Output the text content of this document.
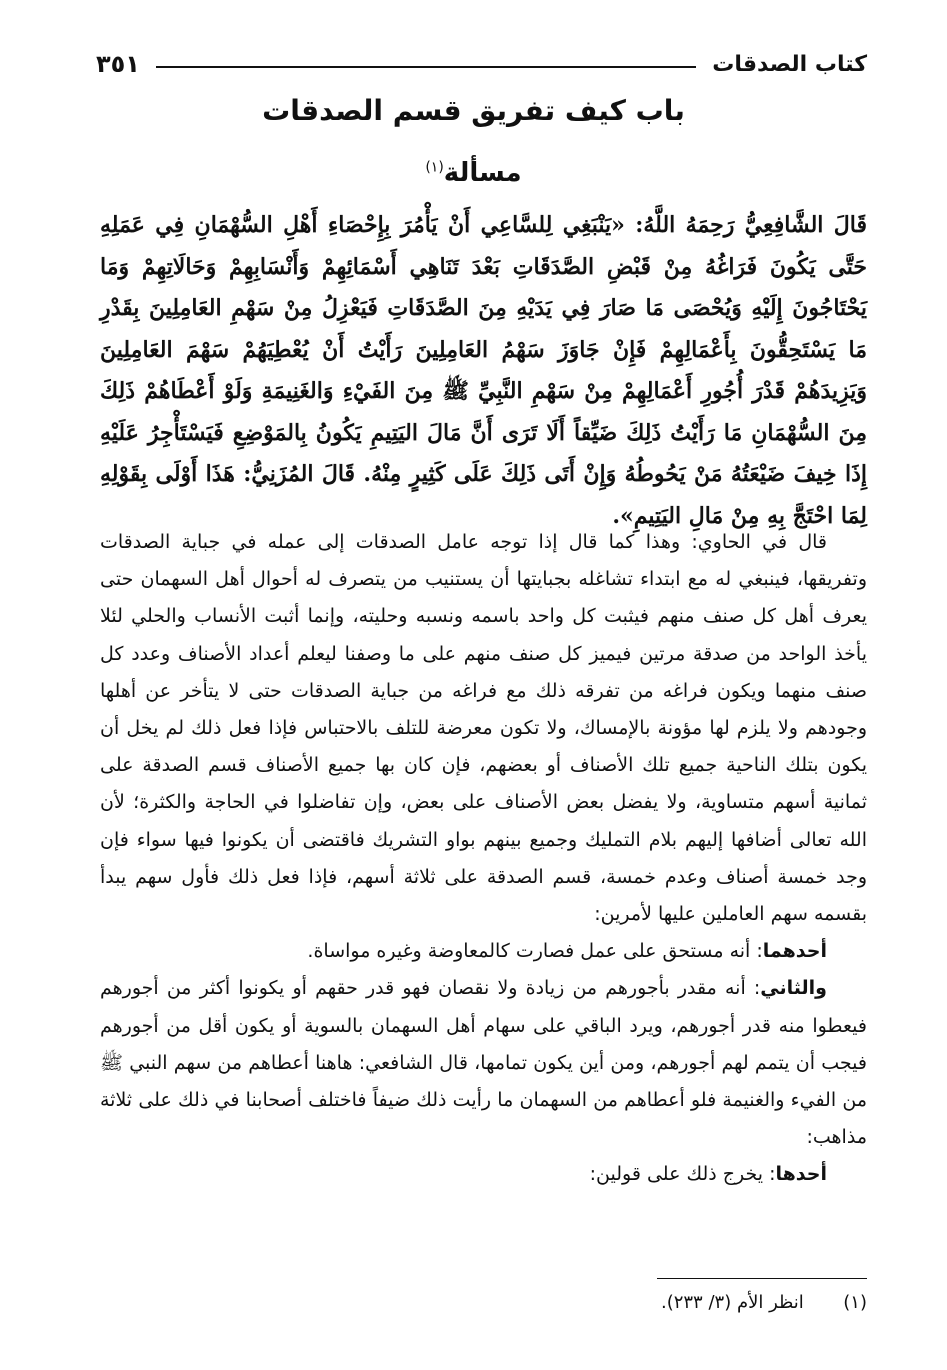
كتاب الصدقات
٣٥١
باب كيف تفريق قسم الصدقات
مسألة$^{(١)}$
قَالَ الشَّافِعِيُّ رَحِمَهُ اللَّهُ: «يَنْبَغِي لِلسَّاعِي أَنْ يَأْمُرَ بِإِحْصَاءِ أَهْلِ السُّهْمَانِ فِي عَمَلِهِ حَتَّى يَكُونَ فَرَاغُهُ مِنْ قَبْضِ الصَّدَقَاتِ بَعْدَ تَنَاهِي أَسْمَائِهِمْ وَأَنْسَابِهِمْ وَحَالَاتِهِمْ وَمَا يَحْتَاجُونَ إِلَيْهِ وَيُحْصَى مَا صَارَ فِي يَدَيْهِ مِنَ الصَّدَقَاتِ فَيَعْزِلُ مِنْ سَهْمِ العَامِلِينَ بِقَدْرِ مَا يَسْتَحِقُّونَ بِأَعْمَالِهِمْ فَإِنْ جَاوَزَ سَهْمُ العَامِلِينَ رَأَيْتُ أَنْ يُعْطِيَهُمْ سَهْمَ العَامِلِينَ وَيَزِيدَهُمْ قَدْرَ أُجُورِ أَعْمَالِهِمْ مِنْ سَهْمِ النَّبِيِّ ﷺ مِنَ الفَيْءِ وَالغَنِيمَةِ وَلَوْ أَعْطَاهُمْ ذَلِكَ مِنَ السُّهْمَانِ مَا رَأَيْتُ ذَلِكَ ضَيِّقاً أَلَا تَرَى أَنَّ مَالَ اليَتِيمِ يَكُونُ بِالمَوْضِعِ فَيَسْتَأْجِرُ عَلَيْهِ إِذَا خِيفَ ضَيْعَتُهُ مَنْ يَحُوطُهُ وَإِنْ أَتَى ذَلِكَ عَلَى كَثِيرٍ مِنْهُ. قَالَ المُزَنِيُّ: هَذَا أَوْلَى بِقَوْلِهِ لِمَا احْتَجَّ بِهِ مِنْ مَالِ اليَتِيمِ».

قال في الحاوي: وهذا كما قال إذا توجه عامل الصدقات إلى عمله في جباية الصدقات وتفريقها، فينبغي له مع ابتداء تشاغله بجبايتها أن يستنيب من يتصرف له أحوال أهل السهمان حتى يعرف أهل كل صنف منهم فيثبت كل واحد باسمه ونسبه وحليته، وإنما أثبت الأنساب والحلي لئلا يأخذ الواحد من صدقة مرتين فيميز كل صنف منهم على ما وصفنا ليعلم أعداد الأصناف وعدد كل صنف منهما ويكون فراغه من تفرقه ذلك مع فراغه من جباية الصدقات حتى لا يتأخر عن أهلها وجودهم ولا يلزم لها مؤونة بالإمساك، ولا تكون معرضة للتلف بالاحتباس فإذا فعل ذلك لم يخل أن يكون بتلك الناحية جميع تلك الأصناف أو بعضهم، فإن كان بها جميع الأصناف قسم الصدقة على ثمانية أسهم متساوية، ولا يفضل بعض الأصناف على بعض، وإن تفاضلوا في الحاجة والكثرة؛ لأن الله تعالى أضافها إليهم بلام التمليك وجميع بينهم بواو التشريك فاقتضى أن يكونوا فيها سواء فإن وجد خمسة أصناف وعدم خمسة، قسم الصدقة على ثلاثة أسهم، فإذا فعل ذلك فأول سهم يبدأ بقسمه سهم العاملين عليها لأمرين:

أحدهما: أنه مستحق على عمل فصارت كالمعاوضة وغيره مواساة.

والثاني: أنه مقدر بأجورهم من زيادة ولا نقصان فهو قدر حقهم أو يكونوا أكثر من أجورهم فيعطوا منه قدر أجورهم، ويرد الباقي على سهام أهل السهمان بالسوية أو يكون أقل من أجورهم فيجب أن يتمم لهم أجورهم، ومن أين يكون تمامها، قال الشافعي: هاهنا أعطاهم من سهم النبي ﷺ من الفيء والغنيمة فلو أعطاهم من السهمان ما رأيت ذلك ضيفاً فاختلف أصحابنا في ذلك على ثلاثة مذاهب:

أحدها: يخرج ذلك على قولين:

(١)  انظر الأم (٣/ ٢٣٣).
